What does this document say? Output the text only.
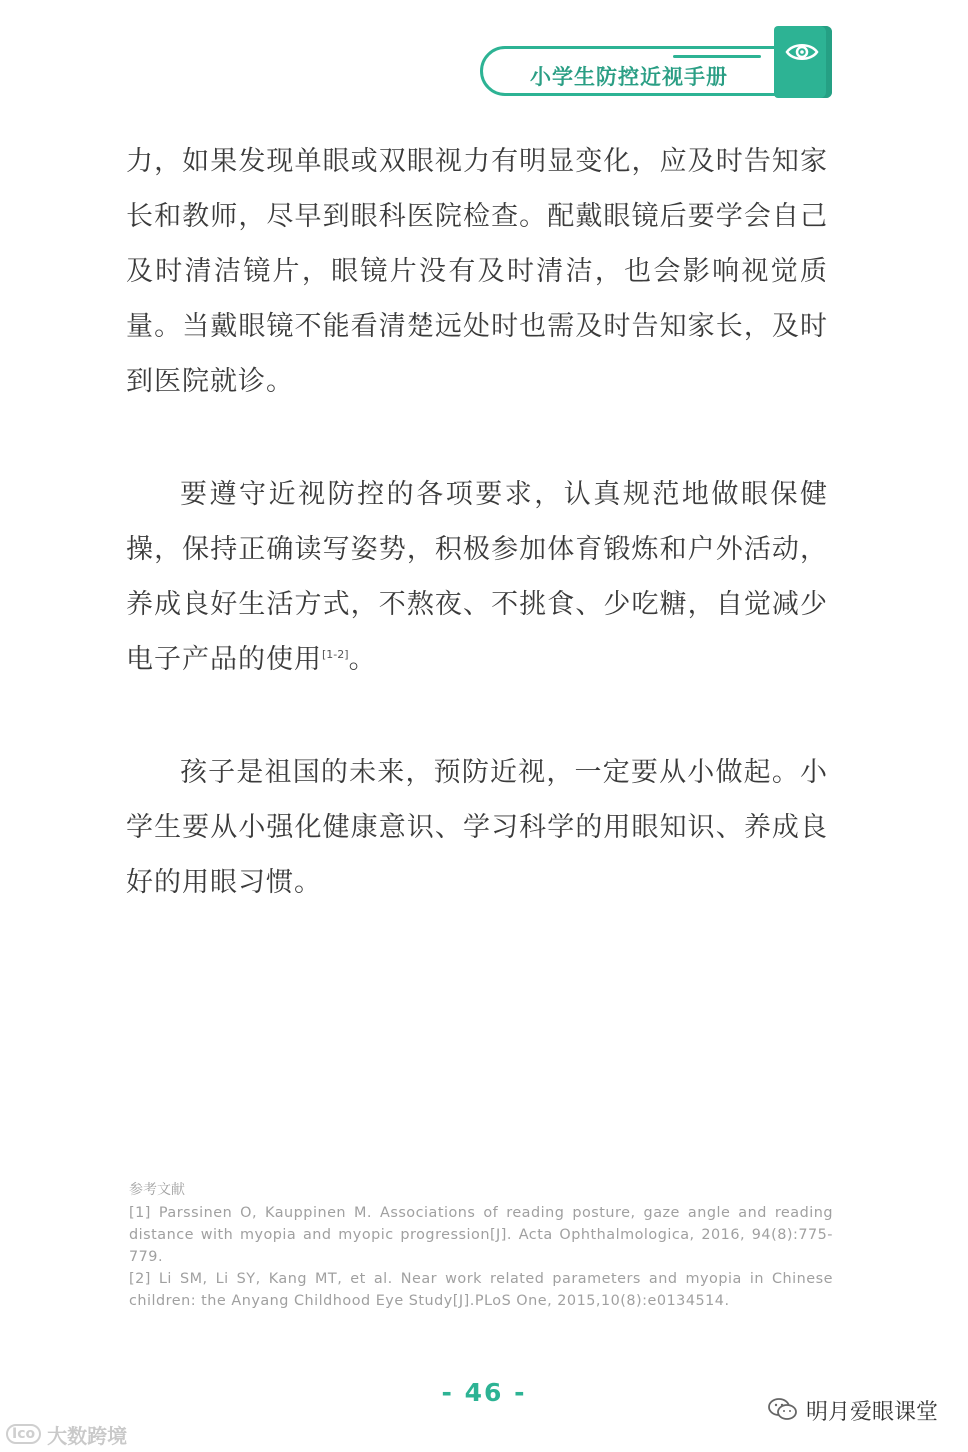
小学生防控近视手册

力，如果发现单眼或双眼视力有明显变化，应及时告知家长和教师，尽早到眼科医院检查。配戴眼镜后要学会自己及时清洁镜片，眼镜片没有及时清洁，也会影响视觉质量。当戴眼镜不能看清楚远处时也需及时告知家长，及时到医院就诊。

要遵守近视防控的各项要求，认真规范地做眼保健操，保持正确读写姿势，积极参加体育锻炼和户外活动，养成良好生活方式，不熬夜、不挑食、少吃糖，自觉减少电子产品的使用[1-2]。

孩子是祖国的未来，预防近视，一定要从小做起。小学生要从小强化健康意识、学习科学的用眼知识、养成良好的用眼习惯。

参考文献
[1] Parssinen O, Kauppinen M. Associations of reading posture, gaze angle and reading distance with myopia and myopic progression[J]. Acta Ophthalmologica, 2016, 94(8):775-779.
[2] Li SM, Li SY, Kang MT, et al. Near work related parameters and myopia in Chinese children: the Anyang Childhood Eye Study[J].PLoS One, 2015,10(8):e0134514.
- 46 -
Ico 大数跨境
明月爱眼课堂
